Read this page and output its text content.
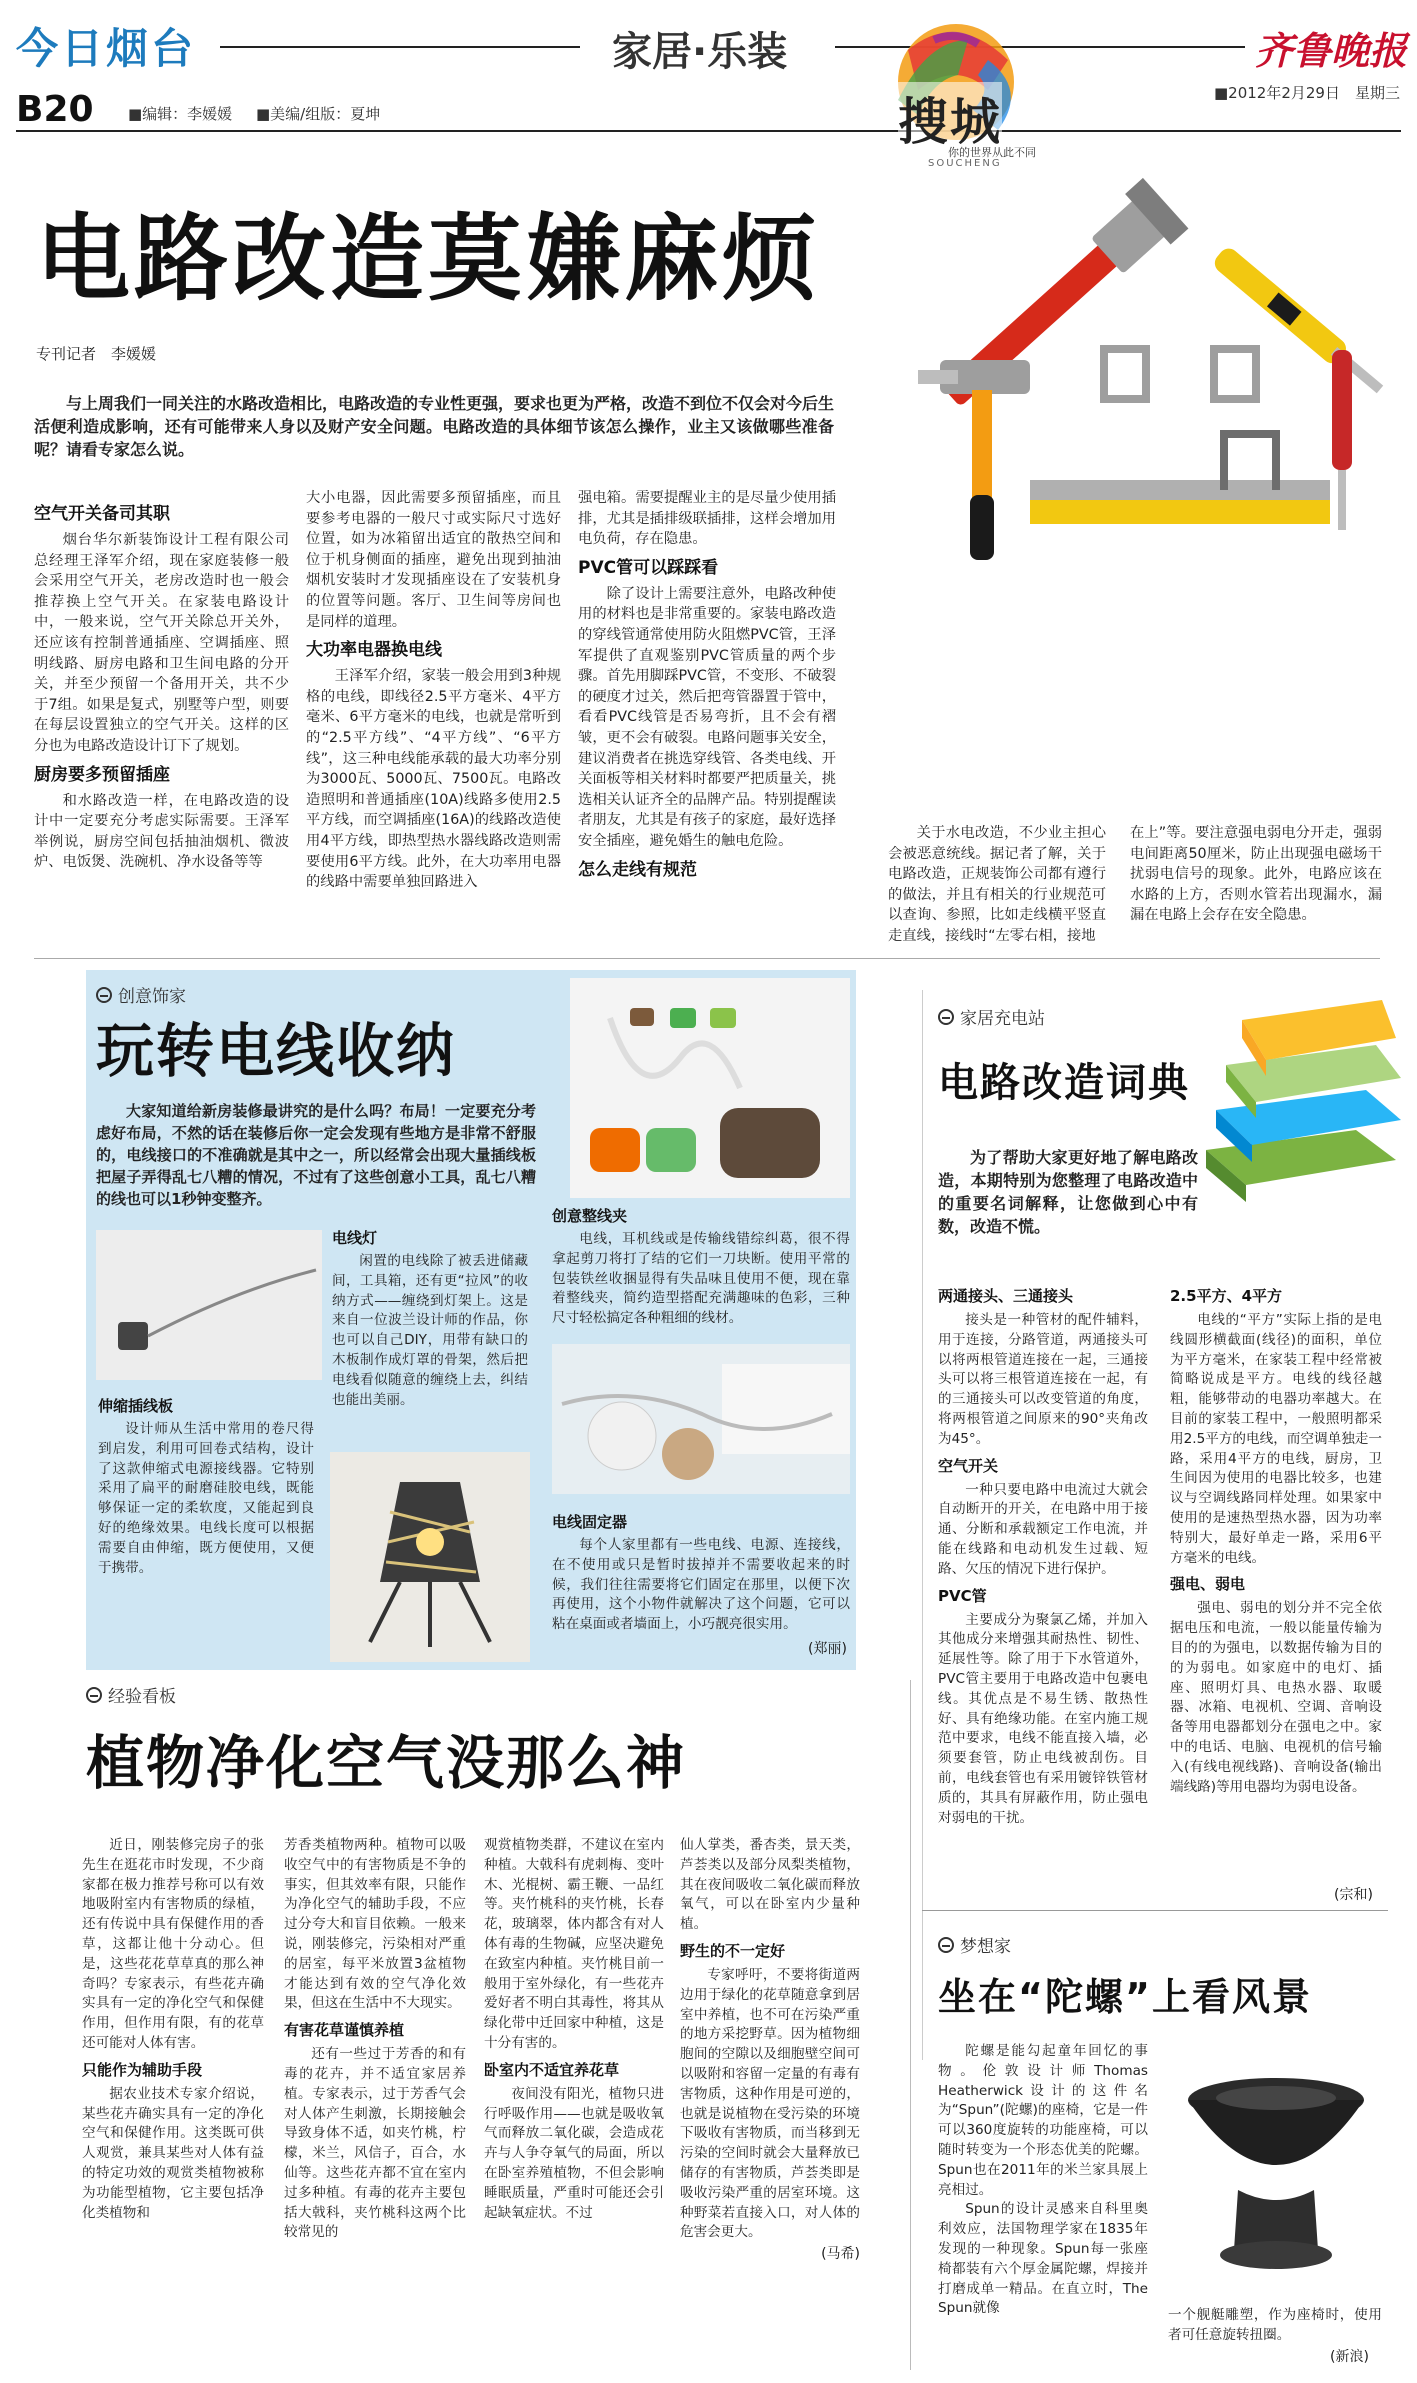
今日烟台	家居·乐装	齐鲁晚报
B20 ■编辑：李媛媛 ■美编/组版：夏坤
■2012年2月29日　星期三
搜城
你的世界从此不同
SOUCHENG
电路改造莫嫌麻烦
专刊记者　李媛媛

与上周我们一同关注的水路改造相比，电路改造的专业性更强，要求也更为严格，改造不到位不仅会对今后生活便利造成影响，还有可能带来人身以及财产安全问题。电路改造的具体细节该怎么操作，业主又该做哪些准备呢？请看专家怎么说。

空气开关备司其职

烟台华尔新装饰设计工程有限公司总经理王泽军介绍，现在家庭装修一般会采用空气开关，老房改造时也一般会推荐换上空气开关。在家装电路设计中，一般来说，空气开关除总开关外，还应该有控制普通插座、空调插座、照明线路、厨房电路和卫生间电路的分开关，并至少预留一个备用开关，共不少于7组。如果是复式，别墅等户型，则要在每层设置独立的空气开关。这样的区分也为电路改造设计订下了规划。

厨房要多预留插座

和水路改造一样，在电路改造的设计中一定要充分考虑实际需要。王泽军举例说，厨房空间包括抽油烟机、微波炉、电饭煲、洗碗机、净水设备等等

大小电器，因此需要多预留插座，而且要参考电器的一般尺寸或实际尺寸选好位置，如为冰箱留出适宜的散热空间和位于机身侧面的插座，避免出现到抽油烟机安装时才发现插座设在了安装机身的位置等问题。客厅、卫生间等房间也是同样的道理。

大功率电器换电线

王泽军介绍，家装一般会用到3种规格的电线，即线径2.5平方毫米、4平方毫米、6平方毫米的电线，也就是常听到的“2.5平方线”、“4平方线”、“6平方线”，这三种电线能承载的最大功率分别为3000瓦、5000瓦、7500瓦。电路改造照明和普通插座(10A)线路多使用2.5平方线，而空调插座(16A)的线路改造使用4平方线，即热型热水器线路改造则需要使用6平方线。此外，在大功率用电器的线路中需要单独回路进入

强电箱。需要提醒业主的是尽量少使用插排，尤其是插排级联插排，这样会增加用电负荷，存在隐患。

PVC管可以踩踩看

除了设计上需要注意外，电路改种使用的材料也是非常重要的。家装电路改造的穿线管通常使用防火阻燃PVC管，王泽军提供了直观鉴别PVC管质量的两个步骤。首先用脚踩PVC管，不变形、不破裂的硬度才过关，然后把弯管器置于管中，看看PVC线管是否易弯折，且不会有褶皱，更不会有破裂。电路问题事关安全，建议消费者在挑选穿线管、各类电线、开关面板等相关材料时都要严把质量关，挑选相关认证齐全的品牌产品。特别提醒读者朋友，尤其是有孩子的家庭，最好选择安全插座，避免婚生的触电危险。

怎么走线有规范

关于水电改造，不少业主担心会被恶意统线。据记者了解，关于电路改造，正规装饰公司都有遵行的做法，并且有相关的行业规范可以查询、参照，比如走线横平竖直走直线，接线时“左零右相，接地

在上”等。要注意强电弱电分开走，强弱电间距离50厘米，防止出现强电磁场干扰弱电信号的现象。此外，电路应该在水路的上方，否则水管若出现漏水，漏漏在电路上会存在安全隐患。

创意饰家
玩转电线收纳

大家知道给新房装修最讲究的是什么吗？布局！一定要充分考虑好布局，不然的话在装修后你一定会发现有些地方是非常不舒服的，电线接口的不准确就是其中之一，所以经常会出现大量插线板把屋子弄得乱七八糟的情况，不过有了这些创意小工具，乱七八糟的线也可以1秒钟变整齐。

电线灯

闲置的电线除了被丢进储藏间，工具箱，还有更“拉风”的收纳方式——缠绕到灯架上。这是来自一位波兰设计师的作品，你也可以自己DIY，用带有缺口的木板制作成灯罩的骨架，然后把电线看似随意的缠绕上去，纠结也能出美丽。

伸缩插线板

设计师从生活中常用的卷尺得到启发，利用可回卷式结构，设计了这款伸缩式电源接线器。它特别采用了扁平的耐磨硅胶电线，既能够保证一定的柔软度，又能起到良好的绝缘效果。电线长度可以根据需要自由伸缩，既方便使用，又便于携带。

创意整线夹

电线，耳机线或是传输线错综纠葛，很不得拿起剪刀将打了结的它们一刀块断。使用平常的包装铁丝收捆显得有失品味且使用不便，现在靠着整线夹，简约造型搭配充满趣味的色彩，三种尺寸轻松搞定各种粗细的线材。

电线固定器

每个人家里都有一些电线、电源、连接线，在不使用或只是暂时拔掉并不需要收起来的时候，我们往往需要将它们固定在那里，以便下次再使用，这个小物件就解决了这个问题，它可以粘在桌面或者墙面上，小巧靓亮很实用。

(郑丽)
家居充电站
电路改造词典

为了帮助大家更好地了解电路改造，本期特别为您整理了电路改造中的重要名词解释，让您做到心中有数，改造不慌。

两通接头、三通接头

接头是一种管材的配件辅料，用于连接，分路管道，两通接头可以将两根管道连接在一起，三通接头可以将三根管道连接在一起，有的三通接头可以改变管道的角度，将两根管道之间原来的90°夹角改为45°。

空气开关

一种只要电路中电流过大就会自动断开的开关，在电路中用于接通、分断和承载额定工作电流，并能在线路和电动机发生过载、短路、欠压的情况下进行保护。

PVC管

主要成分为聚氯乙烯，并加入其他成分来增强其耐热性、韧性、延展性等。除了用于下水管道外，PVC管主要用于电路改造中包裹电线。其优点是不易生锈、散热性好、具有绝缘功能。在室内施工规范中要求，电线不能直接入墙，必须要套管，防止电线被刮伤。目前，电线套管也有采用镀锌铁管材质的，其具有屏蔽作用，防止强电对弱电的干扰。

2.5平方、4平方

电线的“平方”实际上指的是电线圆形横截面(线径)的面积，单位为平方毫米，在家装工程中经常被简略说成是平方。电线的线径越粗，能够带动的电器功率越大。在目前的家装工程中，一般照明都采用2.5平方的电线，而空调单独走一路，采用4平方的电线，厨房，卫生间因为使用的电器比较多，也建议与空调线路同样处理。如果家中使用的是速热型热水器，因为功率特别大，最好单走一路，采用6平方毫米的电线。

强电、弱电

强电、弱电的划分并不完全依据电压和电流，一般以能量传输为目的的为强电，以数据传输为目的的为弱电。如家庭中的电灯、插座、照明灯具、电热水器、取暖器、冰箱、电视机、空调、音响设备等用电器都划分在强电之中。家中的电话、电脑、电视机的信号输入(有线电视线路)、音响设备(输出端线路)等用电器均为弱电设备。

(宗和)
经验看板
植物净化空气没那么神

近日，刚装修完房子的张先生在逛花市时发现，不少商家都在极力推荐号称可以有效地吸附室内有害物质的绿植，还有传说中具有保健作用的香草，这都让他十分动心。但是，这些花花草草真的那么神奇吗？专家表示，有些花卉确实具有一定的净化空气和保健作用，但作用有限，有的花草还可能对人体有害。

只能作为辅助手段

据农业技术专家介绍说，某些花卉确实具有一定的净化空气和保健作用。这类既可供人观赏，兼具某些对人体有益的特定功效的观赏类植物被称为功能型植物，它主要包括净化类植物和

芳香类植物两种。植物可以吸收空气中的有害物质是不争的事实，但其效率有限，只能作为净化空气的辅助手段，不应过分夸大和盲目依赖。一般来说，刚装修完，污染相对严重的居室，每平米放置3盆植物才能达到有效的空气净化效果，但这在生活中不大现实。

有害花草谨慎养植

还有一些过于芳香的和有毒的花卉，并不适宜家居养植。专家表示，过于芳香气会对人体产生刺激，长期接触会导致身体不适，如夹竹桃，柠檬，米兰，风信子，百合，水仙等。这些花卉都不宜在室内过多种植。有毒的花卉主要包括大戟科，夹竹桃科这两个比较常见的

观赏植物类群，不建议在室内种植。大戟科有虎刺梅、变叶木、光棍树、霸王鞭、一品红等。夹竹桃科的夹竹桃，长春花，玻璃翠，体内都含有对人体有毒的生物碱，应坚决避免在致室内种植。夹竹桃目前一般用于室外绿化，有一些花卉爱好者不明白其毒性，将其从绿化带中迁回家中种植，这是十分有害的。

卧室内不适宜养花草

夜间没有阳光，植物只进行呼吸作用——也就是吸收氧气而释放二氧化碳，会造成花卉与人争夺氧气的局面，所以在卧室养殖植物，不但会影响睡眠质量，严重时可能还会引起缺氧症状。不过

仙人掌类，番杏类，景天类，芦荟类以及部分凤梨类植物，其在夜间吸收二氧化碳而释放氧气，可以在卧室内少量种植。

野生的不一定好

专家呼吁，不要将街道两边用于绿化的花草随意拿到居室中养植，也不可在污染严重的地方采挖野草。因为植物细胞间的空隙以及细胞壁空间可以吸附和容留一定量的有毒有害物质，这种作用是可逆的，也就是说植物在受污染的环境下吸收有害物质，而当移到无污染的空间时就会大量释放已储存的有害物质，芦荟类即是吸收污染严重的居室环境。这种野菜若直接入口，对人体的危害会更大。

(马希)
梦想家
坐在“陀螺”上看风景

陀螺是能勾起童年回忆的事物。伦敦设计师Thomas Heatherwick设计的这件名为“Spun”(陀螺)的座椅，它是一件可以360度旋转的功能座椅，可以随时转变为一个形态优美的陀螺。Spun也在2011年的米兰家具展上亮相过。

Spun的设计灵感来自科里奥利效应，法国物理学家在1835年发现的一种现象。Spun每一张座椅都装有六个厚金属陀螺，焊接并打磨成单一精品。在直立时，The Spun就像	一个舰艇雕塑，作为座椅时，使用者可任意旋转扭圈。

(新浪)
